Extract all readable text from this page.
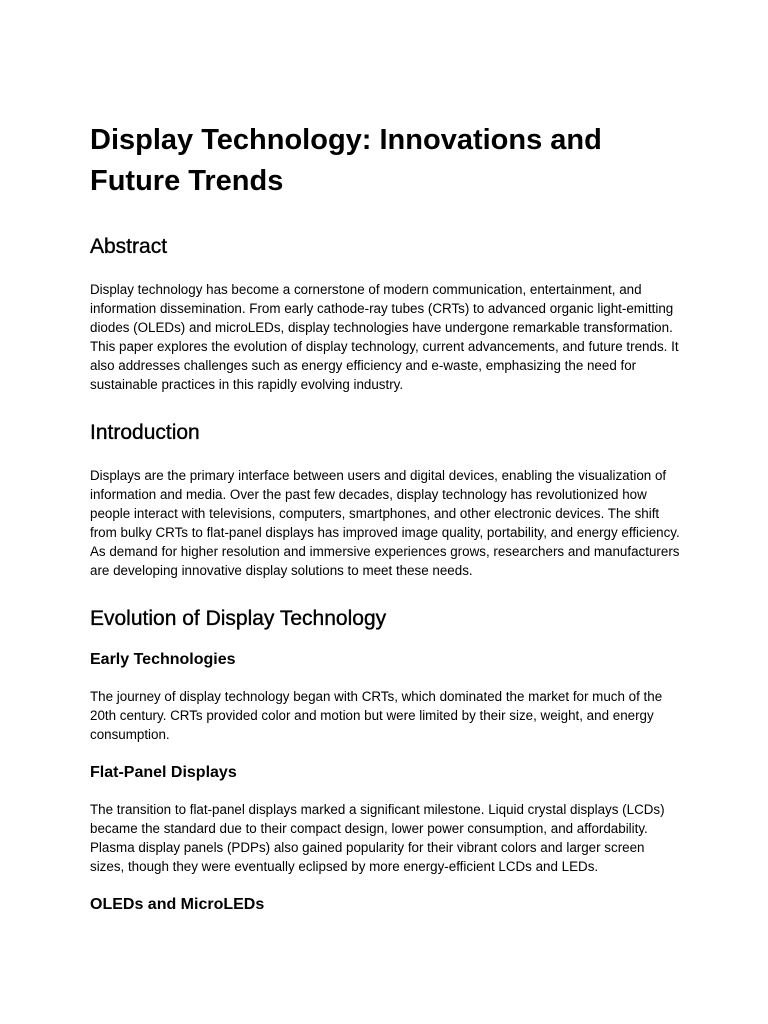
Display Technology: Innovations and Future Trends
Abstract

Display technology has become a cornerstone of modern communication, entertainment, and information dissemination. From early cathode-ray tubes (CRTs) to advanced organic light-emitting diodes (OLEDs) and microLEDs, display technologies have undergone remarkable transformation. This paper explores the evolution of display technology, current advancements, and future trends. It also addresses challenges such as energy efficiency and e-waste, emphasizing the need for sustainable practices in this rapidly evolving industry.

Introduction

Displays are the primary interface between users and digital devices, enabling the visualization of information and media. Over the past few decades, display technology has revolutionized how people interact with televisions, computers, smartphones, and other electronic devices. The shift from bulky CRTs to flat-panel displays has improved image quality, portability, and energy efficiency. As demand for higher resolution and immersive experiences grows, researchers and manufacturers are developing innovative display solutions to meet these needs.

Evolution of Display Technology
Early Technologies

The journey of display technology began with CRTs, which dominated the market for much of the 20th century. CRTs provided color and motion but were limited by their size, weight, and energy consumption.

Flat-Panel Displays

The transition to flat-panel displays marked a significant milestone. Liquid crystal displays (LCDs) became the standard due to their compact design, lower power consumption, and affordability. Plasma display panels (PDPs) also gained popularity for their vibrant colors and larger screen sizes, though they were eventually eclipsed by more energy-efficient LCDs and LEDs.

OLEDs and MicroLEDs
